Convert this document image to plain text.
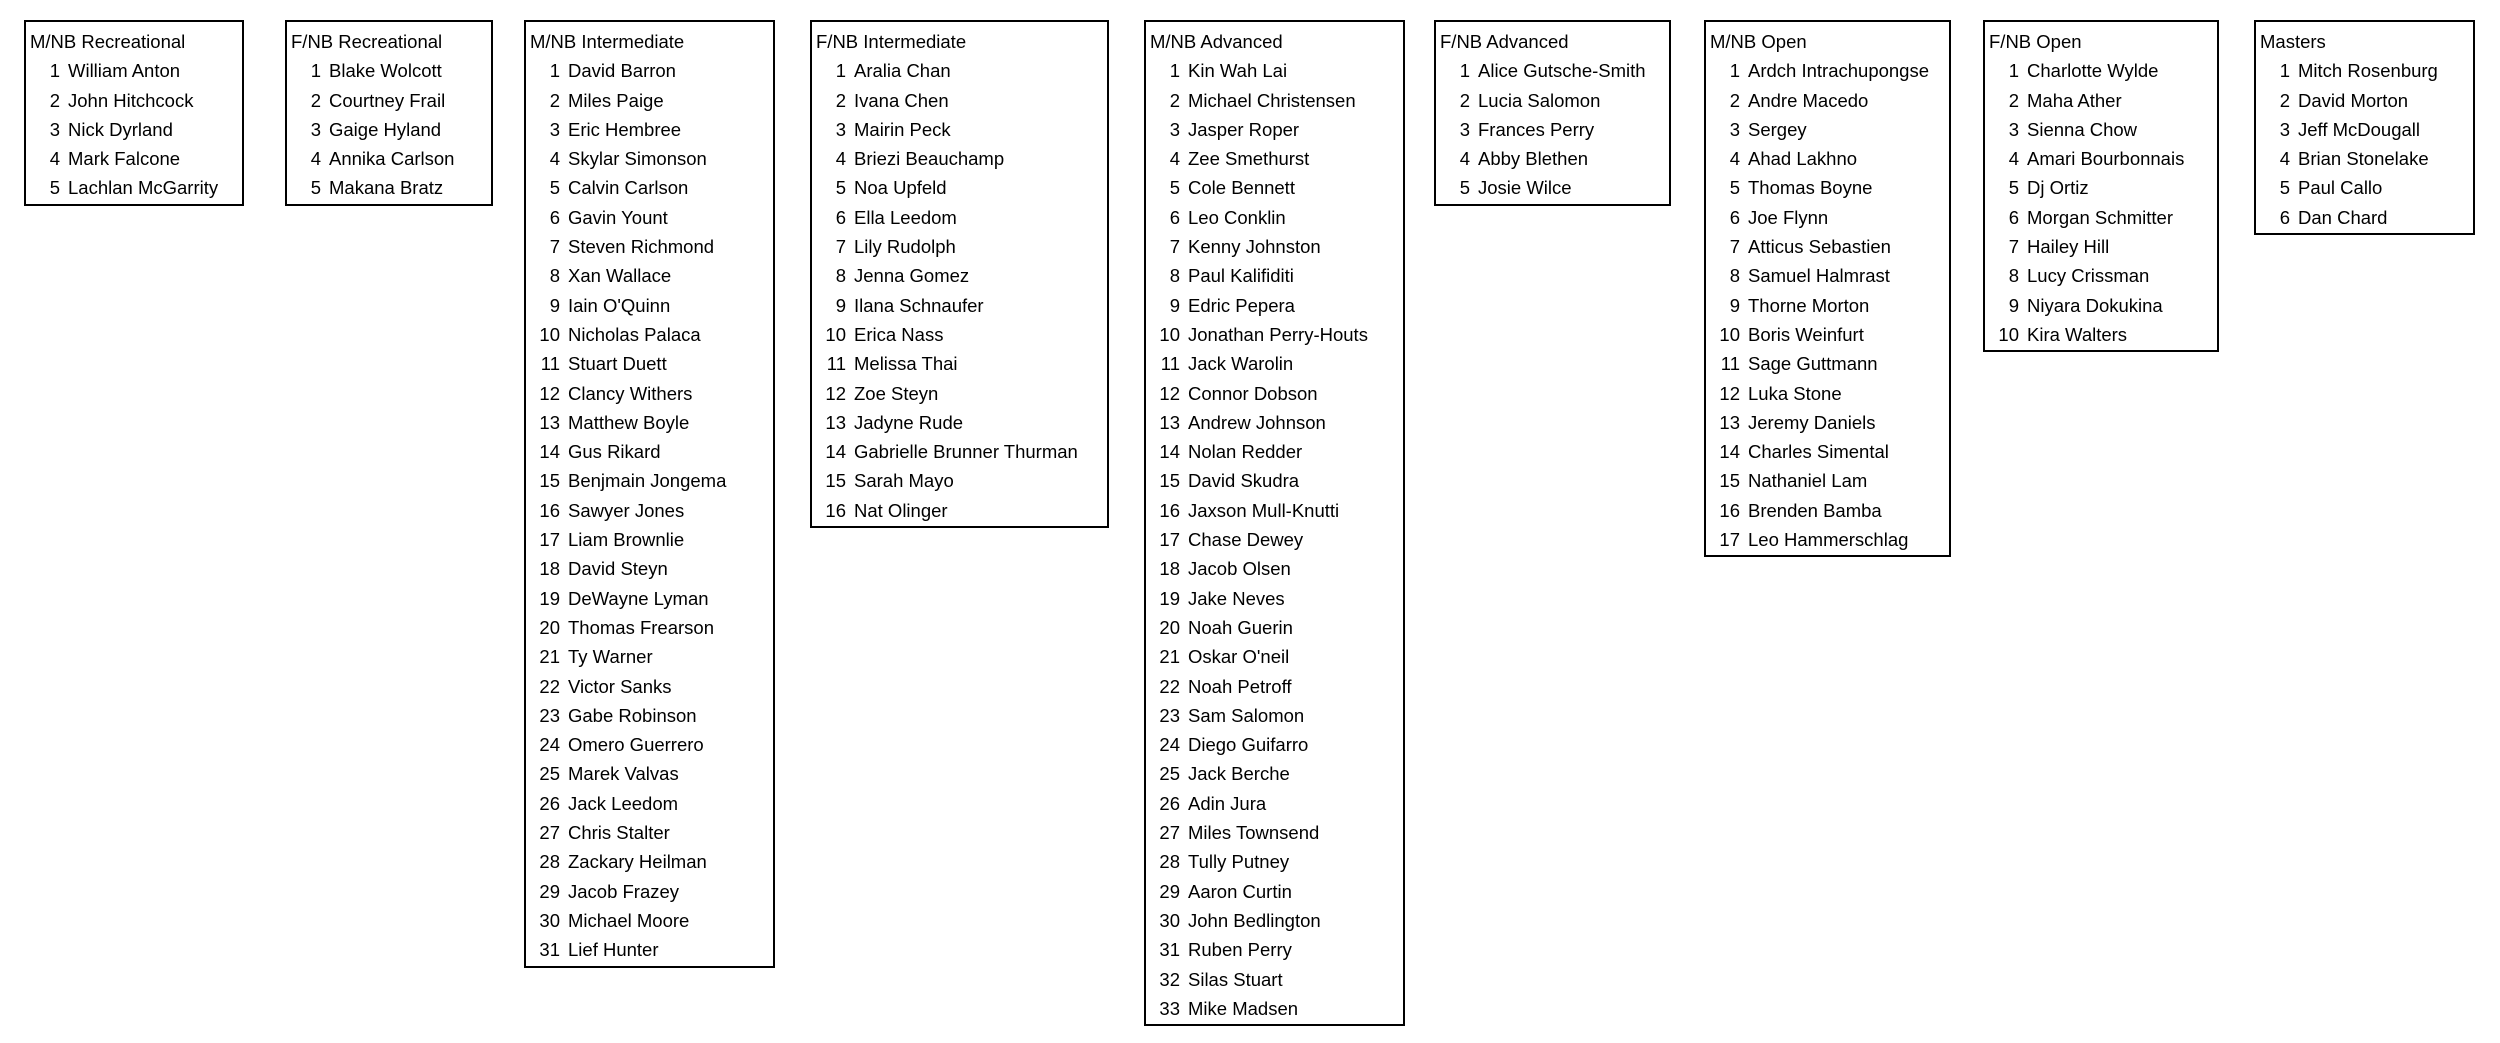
M/NB Recreational
1 William Anton
2 John Hitchcock
3 Nick Dyrland
4 Mark Falcone
5 Lachlan McGarrity
F/NB Recreational
1 Blake Wolcott
2 Courtney Frail
3 Gaige Hyland
4 Annika Carlson
5 Makana Bratz
M/NB Intermediate
1 David Barron
2 Miles Paige
3 Eric Hembree
4 Skylar Simonson
5 Calvin Carlson
6 Gavin Yount
7 Steven Richmond
8 Xan Wallace
9 Iain O'Quinn
10 Nicholas Palaca
11 Stuart Duett
12 Clancy Withers
13 Matthew Boyle
14 Gus Rikard
15 Benjmain Jongema
16 Sawyer Jones
17 Liam Brownlie
18 David Steyn
19 DeWayne Lyman
20 Thomas Frearson
21 Ty Warner
22 Victor Sanks
23 Gabe Robinson
24 Omero Guerrero
25 Marek Valvas
26 Jack Leedom
27 Chris Stalter
28 Zackary Heilman
29 Jacob Frazey
30 Michael Moore
31 Lief Hunter
F/NB Intermediate
1 Aralia Chan
2 Ivana Chen
3 Mairin Peck
4 Briezi Beauchamp
5 Noa Upfeld
6 Ella Leedom
7 Lily Rudolph
8 Jenna Gomez
9 Ilana Schnaufer
10 Erica Nass
11 Melissa Thai
12 Zoe Steyn
13 Jadyne Rude
14 Gabrielle Brunner Thurman
15 Sarah Mayo
16 Nat Olinger
M/NB Advanced
1 Kin Wah Lai
2 Michael Christensen
3 Jasper Roper
4 Zee Smethurst
5 Cole Bennett
6 Leo Conklin
7 Kenny Johnston
8 Paul Kalifiditi
9 Edric Pepera
10 Jonathan Perry-Houts
11 Jack Warolin
12 Connor Dobson
13 Andrew Johnson
14 Nolan Redder
15 David Skudra
16 Jaxson Mull-Knutti
17 Chase Dewey
18 Jacob Olsen
19 Jake Neves
20 Noah Guerin
21 Oskar O'neil
22 Noah Petroff
23 Sam Salomon
24 Diego Guifarro
25 Jack Berche
26 Adin Jura
27 Miles Townsend
28 Tully Putney
29 Aaron Curtin
30 John Bedlington
31 Ruben Perry
32 Silas Stuart
33 Mike Madsen
F/NB Advanced
1 Alice Gutsche-Smith
2 Lucia Salomon
3 Frances Perry
4 Abby Blethen
5 Josie Wilce
M/NB Open
1 Ardch Intrachupongse
2 Andre Macedo
3 Sergey
4 Ahad Lakhno
5 Thomas Boyne
6 Joe Flynn
7 Atticus Sebastien
8 Samuel Halmrast
9 Thorne Morton
10 Boris Weinfurt
11 Sage Guttmann
12 Luka Stone
13 Jeremy Daniels
14 Charles Simental
15 Nathaniel Lam
16 Brenden Bamba
17 Leo Hammerschlag
F/NB Open
1 Charlotte Wylde
2 Maha Ather
3 Sienna Chow
4 Amari Bourbonnais
5 Dj Ortiz
6 Morgan Schmitter
7 Hailey Hill
8 Lucy Crissman
9 Niyara Dokukina
10 Kira Walters
Masters
1 Mitch Rosenburg
2 David Morton
3 Jeff McDougall
4 Brian Stonelake
5 Paul Callo
6 Dan Chard
